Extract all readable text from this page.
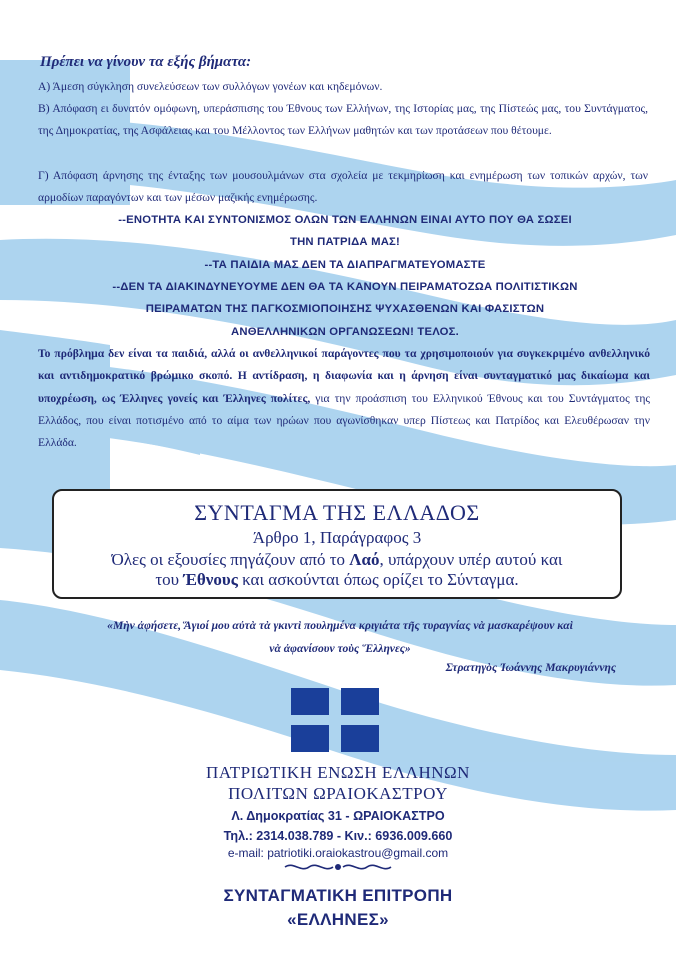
Πρέπει να γίνουν τα εξής βήματα:

Α) Άμεση σύγκληση συνελεύσεων των συλλόγων γονέων και κηδεμόνων.

Β) Απόφαση ει δυνατόν ομόφωνη, υπεράσπισης του Έθνους των Ελλήνων, της Ιστορίας μας, της Πίστεώς μας, του Συντάγματος, της Δημοκρατίας, της Ασφάλειας και του Μέλλοντος των Ελλήνων μαθητών και των προτάσεων που θέτουμε.

Γ) Απόφαση άρνησης της ένταξης των μουσουλμάνων στα σχολεία με τεκμηρίωση και ενημέρωση των τοπικών αρχών, των αρμοδίων παραγόντων και των μέσων μαζικής ενημέρωσης.

--ΕΝΟΤΗΤΑ ΚΑΙ ΣΥΝΤΟΝΙΣΜΟΣ ΟΛΩΝ ΤΩΝ ΕΛΛΗΝΩΝ ΕΙΝΑΙ ΑΥΤΟ ΠΟΥ ΘΑ ΣΩΣΕΙ
ΤΗΝ ΠΑΤΡΙΔΑ ΜΑΣ!

--ΤΑ ΠΑΙΔΙΑ ΜΑΣ ΔΕΝ ΤΑ ΔΙΑΠΡΑΓΜΑΤΕΥΟΜΑΣΤΕ

--ΔΕΝ ΤΑ ΔΙΑΚΙΝΔΥΝΕΥΟΥΜΕ ΔΕΝ ΘΑ ΤΑ ΚΑΝΟΥΝ ΠΕΙΡΑΜΑΤΟΖΩΑ ΠΟΛΙΤΙΣΤΙΚΩΝ
ΠΕΙΡΑΜΑΤΩΝ ΤΗΣ ΠΑΓΚΟΣΜΙΟΠΟΙΗΣΗΣ ΨΥΧΑΣΘΕΝΩΝ ΚΑΙ ΦΑΣΙΣΤΩΝ
ΑΝΘΕΛΛΗΝΙΚΩΝ ΟΡΓΑΝΩΣΕΩΝ! ΤΕΛΟΣ.

Το πρόβλημα δεν είναι τα παιδιά, αλλά οι ανθελληνικοί παράγοντες που τα χρησιμοποιούν για συγκεκριμένο ανθελληνικό και αντιδημοκρατικό βρώμικο σκοπό. Η αντίδραση, η διαφωνία και η άρνηση είναι συνταγματικό μας δικαίωμα και υποχρέωση, ως Έλληνες γονείς και Έλληνες πολίτες, για την προάσπιση του Ελληνικού Έθνους και του Συντάγματος της Ελλάδος, που είναι ποτισμένο από το αίμα των ηρώων που αγωνίσθηκαν υπερ Πίστεως και Πατρίδος και Ελευθέρωσαν την Ελλάδα.

ΣΥΝΤΑΓΜΑ ΤΗΣ ΕΛΛΑΔΟΣ
Άρθρο 1, Παράγραφος 3
Όλες οι εξουσίες πηγάζουν από το Λαό, υπάρχουν υπέρ αυτού και
του Έθνους και ασκούνται όπως ορίζει το Σύνταγμα.

«Μὴν ἀφήσετε, Ἅγιοί μου αὐτὰ τὰ γκιντὶ πουλημένα κριγιάτα τῆς τυραγνίας νὰ μασκαρέψουν καὶ
νὰ ἀφανίσουν τοὺς Ἕλληνες»

Στρατηγὸς Ἰωάννης Μακρυγιάννης

ΠΑΤΡΙΩΤΙΚΗ ΕΝΩΣΗ ΕΛΛΗΝΩΝ
ΠΟΛΙΤΩΝ ΩΡΑΙΟΚΑΣΤΡΟΥ
Λ. Δημοκρατίας 31 - ΩΡΑΙΟΚΑΣΤΡΟ
Τηλ.: 2314.038.789 - Κιν.: 6936.009.660
e-mail: patriotiki.oraiokastrou@gmail.com
ΣΥΝΤΑΓΜΑΤΙΚΗ ΕΠΙΤΡΟΠΗ
«ΕΛΛΗΝΕΣ»
